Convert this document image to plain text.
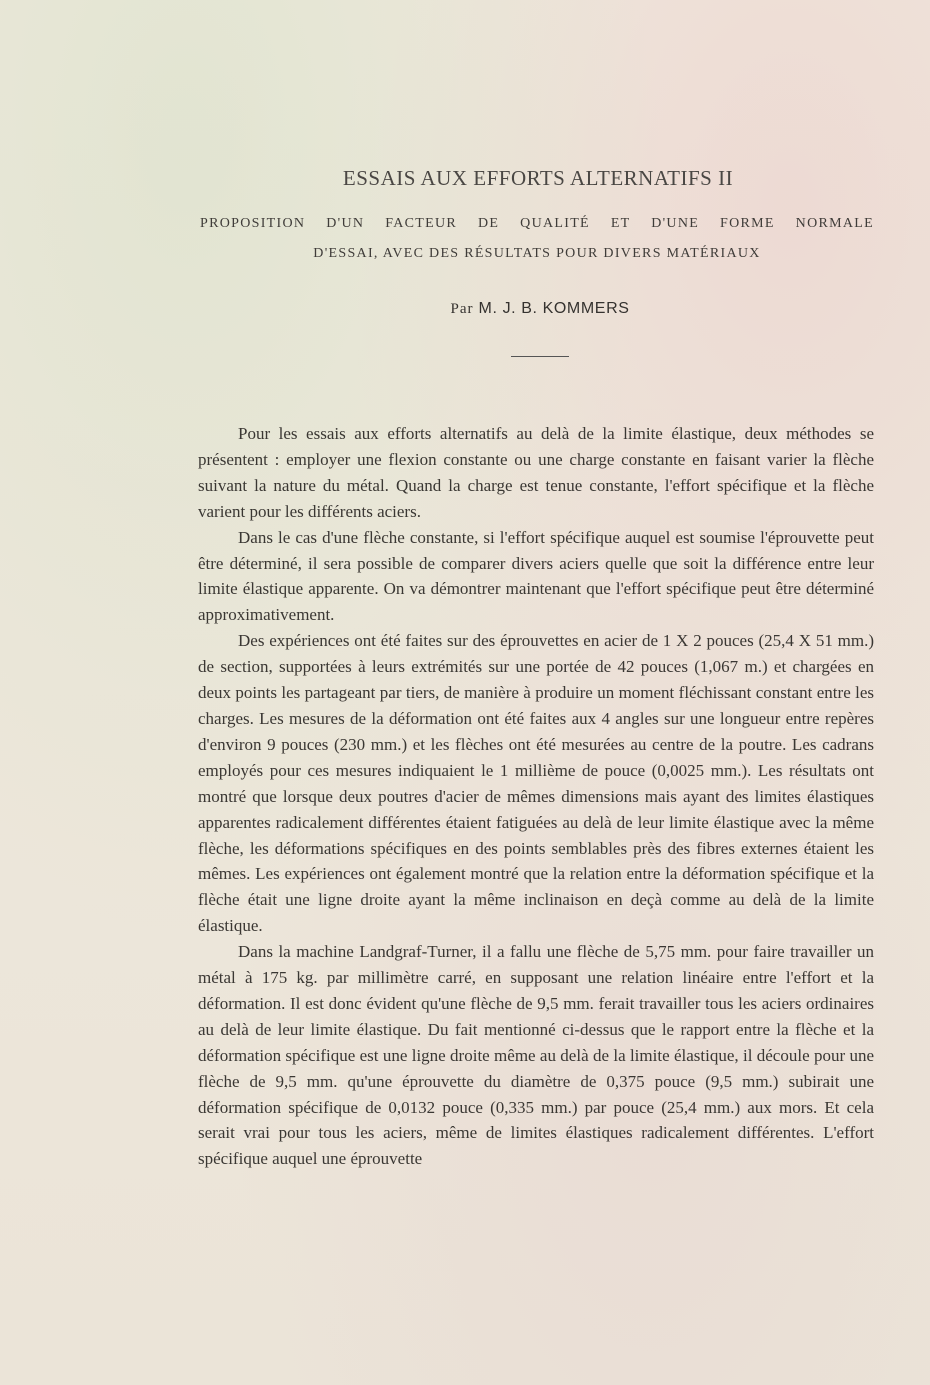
ESSAIS AUX EFFORTS ALTERNATIFS II
PROPOSITION D'UN FACTEUR DE QUALITÉ ET D'UNE FORME NORMALE
D'ESSAI, AVEC DES RÉSULTATS POUR DIVERS MATÉRIAUX
Par M. J. B. KOMMERS

Pour les essais aux efforts alternatifs au delà de la limite élastique, deux méthodes se présentent : employer une flexion constante ou une charge constante en faisant varier la flèche suivant la nature du métal. Quand la charge est tenue constante, l'effort spécifique et la flèche varient pour les différents aciers.

Dans le cas d'une flèche constante, si l'effort spécifique auquel est soumise l'éprouvette peut être déterminé, il sera possible de comparer divers aciers quelle que soit la différence entre leur limite élastique apparente. On va démontrer maintenant que l'effort spécifique peut être déterminé approximativement.

Des expériences ont été faites sur des éprouvettes en acier de 1 X 2 pouces (25,4 X 51 mm.) de section, supportées à leurs extrémités sur une portée de 42 pouces (1,067 m.) et chargées en deux points les partageant par tiers, de manière à produire un moment fléchissant constant entre les charges. Les mesures de la déformation ont été faites aux 4 angles sur une longueur entre repères d'environ 9 pouces (230 mm.) et les flèches ont été mesurées au centre de la poutre. Les cadrans employés pour ces mesures indiquaient le 1 millième de pouce (0,0025 mm.). Les résultats ont montré que lorsque deux poutres d'acier de mêmes dimensions mais ayant des limites élastiques apparentes radicalement différentes étaient fatiguées au delà de leur limite élastique avec la même flèche, les déformations spécifiques en des points semblables près des fibres externes étaient les mêmes. Les expériences ont également montré que la relation entre la déformation spécifique et la flèche était une ligne droite ayant la même inclinaison en deçà comme au delà de la limite élastique.

Dans la machine Landgraf-Turner, il a fallu une flèche de 5,75 mm. pour faire travailler un métal à 175 kg. par millimètre carré, en supposant une relation linéaire entre l'effort et la déformation. Il est donc évident qu'une flèche de 9,5 mm. ferait travailler tous les aciers ordinaires au delà de leur limite élastique. Du fait mentionné ci-dessus que le rapport entre la flèche et la déformation spécifique est une ligne droite même au delà de la limite élastique, il découle pour une flèche de 9,5 mm. qu'une éprouvette du diamètre de 0,375 pouce (9,5 mm.) subirait une déformation spécifique de 0,0132 pouce (0,335 mm.) par pouce (25,4 mm.) aux mors. Et cela serait vrai pour tous les aciers, même de limites élastiques radicalement différentes. L'effort spécifique auquel une éprouvette
